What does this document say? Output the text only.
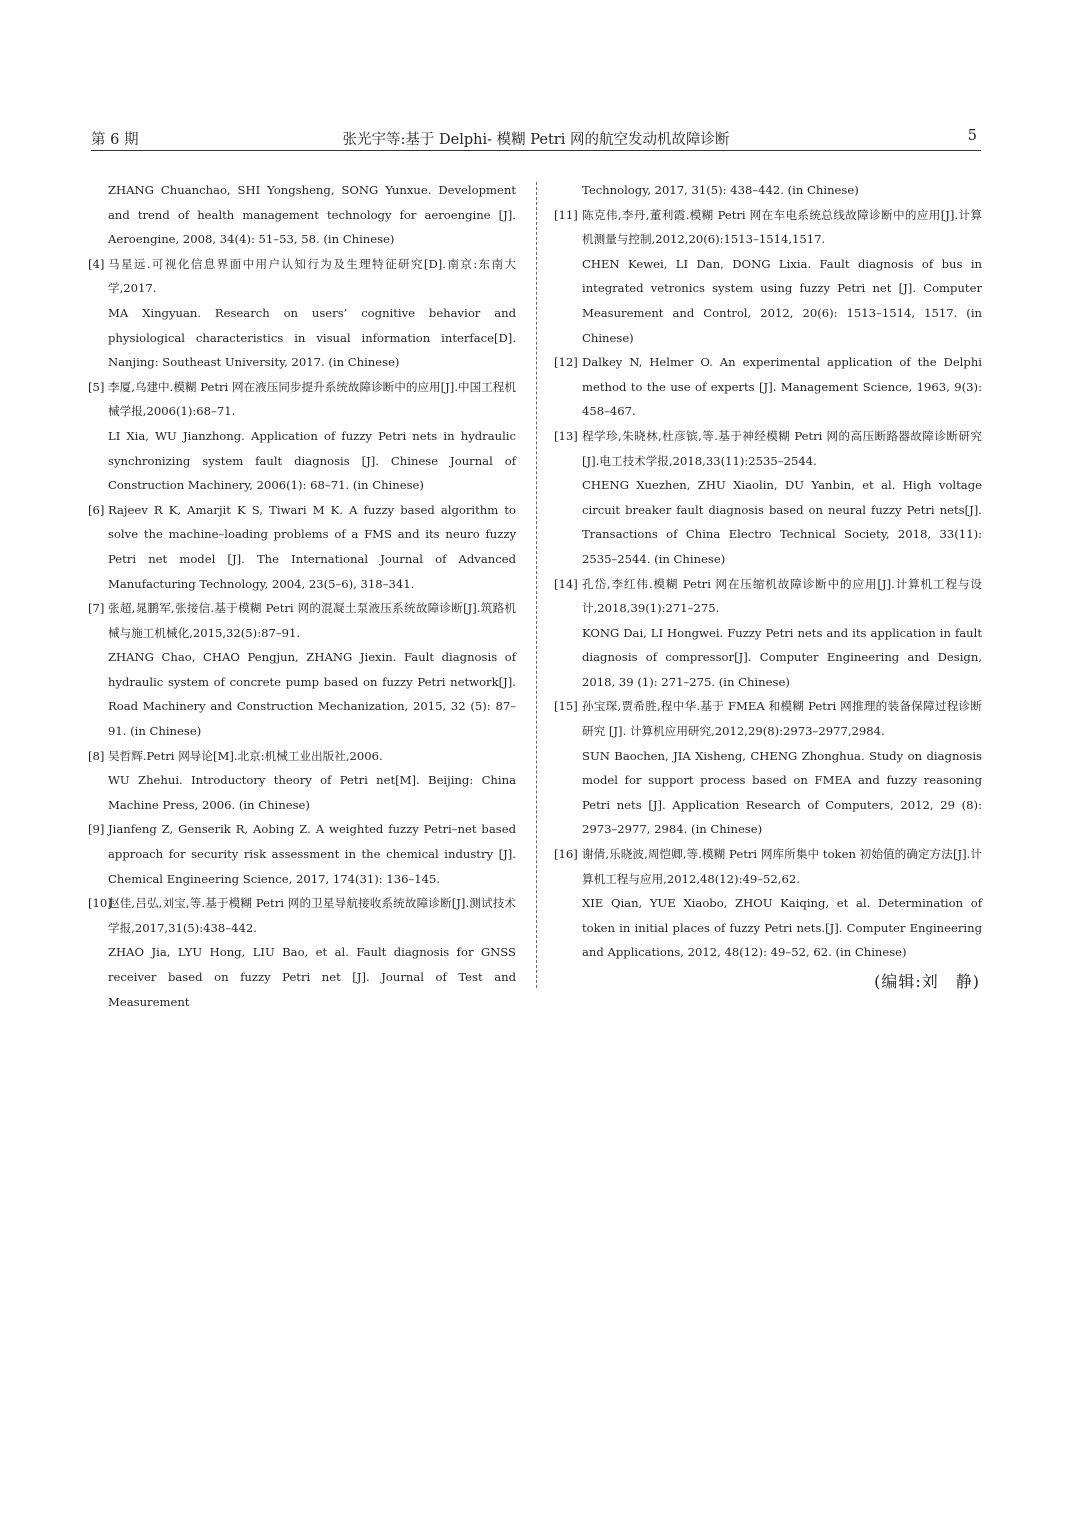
第 6 期	张光宇等:基于 Delphi- 模糊 Petri 网的航空发动机故障诊断	5

ZHANG Chuanchao, SHI Yongsheng, SONG Yunxue. Development and trend of health management technology for aeroengine [J]. Aeroengine, 2008, 34(4): 51–53, 58. (in Chinese)

[4] 马星远.可视化信息界面中用户认知行为及生理特征研究[D].南京:东南大学,2017.

MA Xingyuan. Research on users’ cognitive behavior and physiological characteristics in visual information interface[D]. Nanjing: Southeast University, 2017. (in Chinese)

[5] 李厦,乌建中.模糊 Petri 网在液压同步提升系统故障诊断中的应用[J].中国工程机械学报,2006(1):68–71.

LI Xia, WU Jianzhong. Application of fuzzy Petri nets in hydraulic synchronizing system fault diagnosis [J]. Chinese Journal of Construction Machinery, 2006(1): 68–71. (in Chinese)

[6] Rajeev R K, Amarjit K S, Tiwari M K. A fuzzy based algorithm to solve the machine–loading problems of a FMS and its neuro fuzzy Petri net model [J]. The International Journal of Advanced Manufacturing Technology, 2004, 23(5–6), 318–341.

[7] 张超,晁鹏军,张接信.基于模糊 Petri 网的混凝土泵液压系统故障诊断[J].筑路机械与施工机械化,2015,32(5):87–91.

ZHANG Chao, CHAO Pengjun, ZHANG Jiexin. Fault diagnosis of hydraulic system of concrete pump based on fuzzy Petri network[J]. Road Machinery and Construction Mechanization, 2015, 32 (5): 87–91. (in Chinese)

[8] 吴哲辉.Petri 网导论[M].北京:机械工业出版社,2006.

WU Zhehui. Introductory theory of Petri net[M]. Beijing: China Machine Press, 2006. (in Chinese)

[9] Jianfeng Z, Genserik R, Aobing Z. A weighted fuzzy Petri–net based approach for security risk assessment in the chemical industry [J]. Chemical Engineering Science, 2017, 174(31): 136–145.

[10]

赵佳,吕弘,刘宝,等.基于模糊 Petri 网的卫星导航接收系统故障诊断[J].测试技术学报,2017,31(5):438–442.

ZHAO Jia, LYU Hong, LIU Bao, et al. Fault diagnosis for GNSS receiver based on fuzzy Petri net [J]. Journal of Test and Measurement

Technology, 2017, 31(5): 438–442. (in Chinese)

[11] 陈克伟,李丹,董利霞.模糊 Petri 网在车电系统总线故障诊断中的应用[J].计算机测量与控制,2012,20(6):1513–1514,1517.

CHEN Kewei, LI Dan, DONG Lixia. Fault diagnosis of bus in integrated vetronics system using fuzzy Petri net [J]. Computer Measurement and Control, 2012, 20(6): 1513–1514, 1517. (in Chinese)

[12] Dalkey N, Helmer O. An experimental application of the Delphi method to the use of experts [J]. Management Science, 1963, 9(3): 458–467.

[13] 程学珍,朱晓林,杜彦镔,等.基于神经模糊 Petri 网的高压断路器故障诊断研究[J].电工技术学报,2018,33(11):2535–2544.

CHENG Xuezhen, ZHU Xiaolin, DU Yanbin, et al. High voltage circuit breaker fault diagnosis based on neural fuzzy Petri nets[J]. Transactions of China Electro Technical Society, 2018, 33(11): 2535–2544. (in Chinese)

[14] 孔岱,李红伟.模糊 Petri 网在压缩机故障诊断中的应用[J].计算机工程与设计,2018,39(1):271–275.

KONG Dai, LI Hongwei. Fuzzy Petri nets and its application in fault diagnosis of compressor[J]. Computer Engineering and Design, 2018, 39 (1): 271–275. (in Chinese)

[15] 孙宝琛,贾希胜,程中华.基于 FMEA 和模糊 Petri 网推理的装备保障过程诊断研究 [J]. 计算机应用研究,2012,29(8):2973–2977,2984.

SUN Baochen, JIA Xisheng, CHENG Zhonghua. Study on diagnosis model for support process based on FMEA and fuzzy reasoning Petri nets [J]. Application Research of Computers, 2012, 29 (8): 2973–2977, 2984. (in Chinese)

[16] 谢倩,乐晓波,周恺卿,等.模糊 Petri 网库所集中 token 初始值的确定方法[J].计算机工程与应用,2012,48(12):49–52,62.

XIE Qian, YUE Xiaobo, ZHOU Kaiqing, et al. Determination of token in initial places of fuzzy Petri nets.[J]. Computer Engineering and Applications, 2012, 48(12): 49–52, 62. (in Chinese)

(编辑:刘　静)
